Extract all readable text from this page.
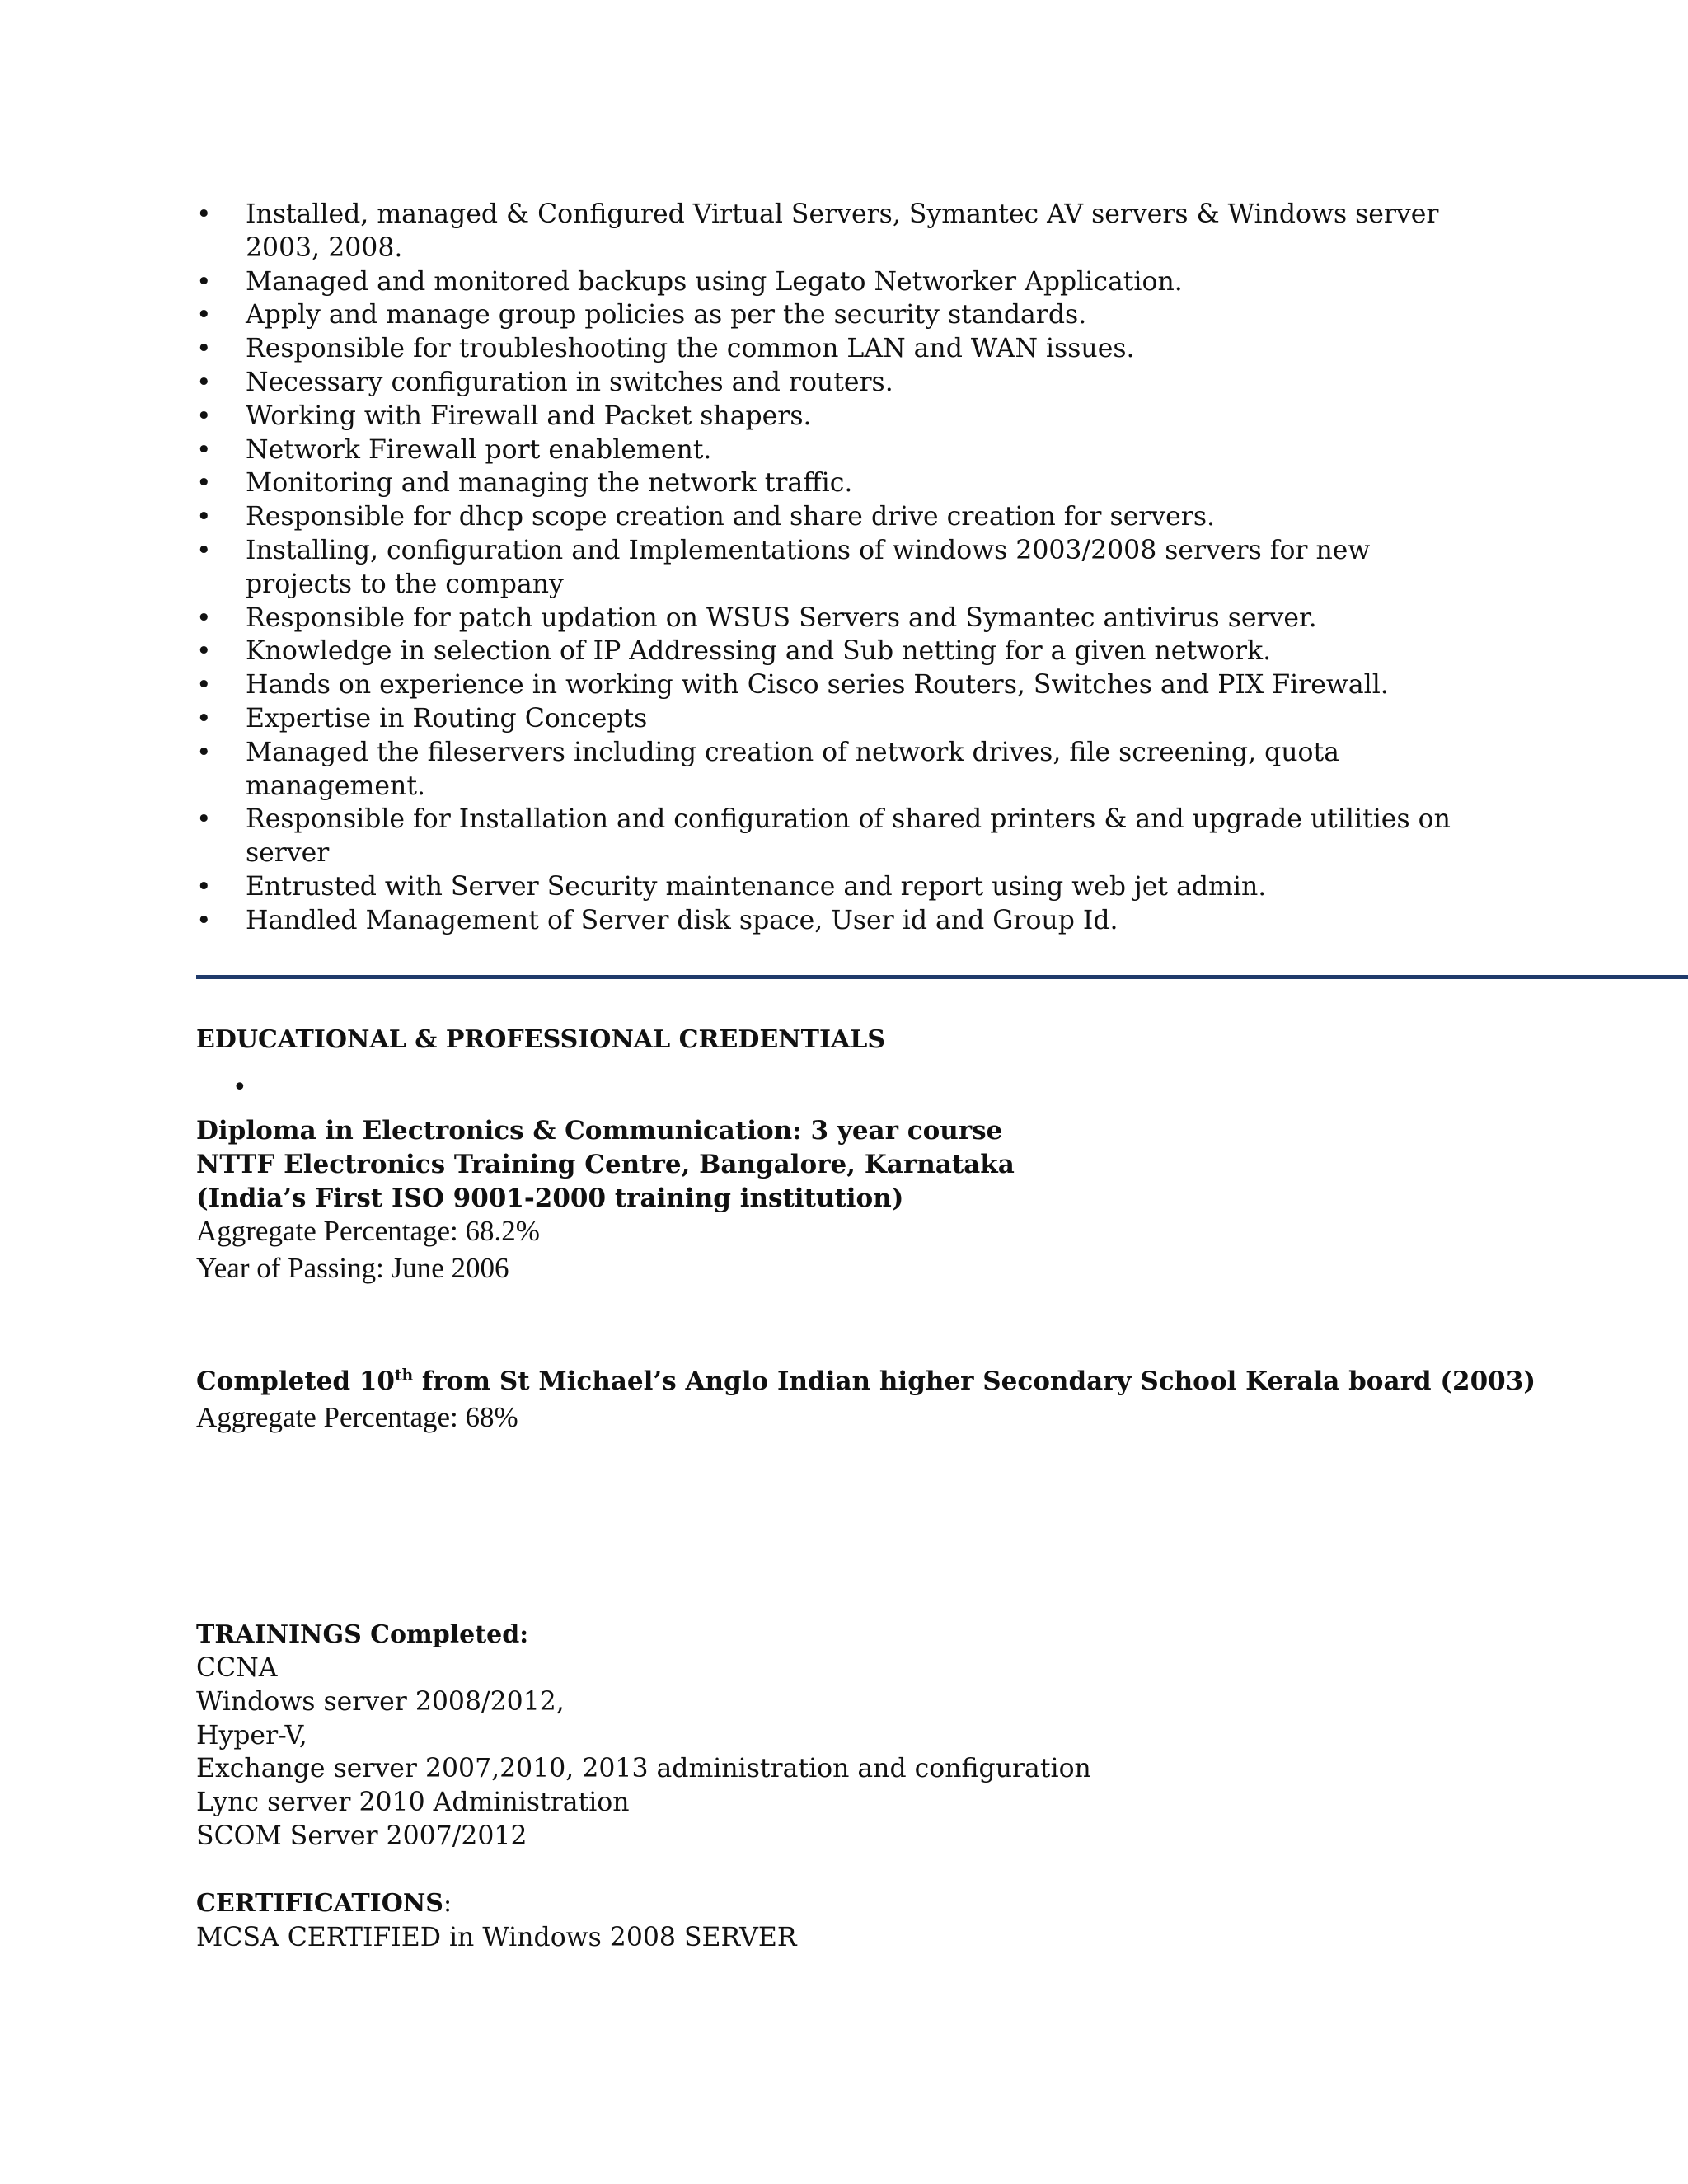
• Installed, managed & Configured Virtual Servers, Symantec AV servers & Windows server 2003, 2008.
• Managed and monitored backups using Legato Networker Application.
• Apply and manage group policies as per the security standards.
• Responsible for troubleshooting the common LAN and WAN issues.
• Necessary configuration in switches and routers.
• Working with Firewall and Packet shapers.
• Network Firewall port enablement.
• Monitoring and managing the network traffic.
• Responsible for dhcp scope creation and share drive creation for servers.
• Installing, configuration and Implementations of windows 2003/2008 servers for new projects to the company
• Responsible for patch updation on WSUS Servers and Symantec antivirus server.
• Knowledge in selection of IP Addressing and Sub netting for a given network.
• Hands on experience in working with Cisco series Routers, Switches and PIX Firewall.
• Expertise in Routing Concepts
• Managed the fileservers including creation of network drives, file screening, quota management.
• Responsible for Installation and configuration of shared printers & and upgrade utilities on server
• Entrusted with Server Security maintenance and report using web jet admin.
• Handled Management of Server disk space, User id and Group Id.
EDUCATIONAL & PROFESSIONAL CREDENTIALS
•
Diploma in Electronics & Communication: 3 year course
NTTF Electronics Training Centre, Bangalore, Karnataka
(India’s First ISO 9001-2000 training institution)
Aggregate Percentage: 68.2%
Year of Passing: June 2006
Completed 10th from St Michael’s Anglo Indian higher Secondary School Kerala board (2003)
Aggregate Percentage: 68%
TRAININGS Completed:
CCNA
Windows server 2008/2012,
Hyper-V,
Exchange server 2007,2010, 2013 administration and configuration
Lync server 2010 Administration
SCOM Server 2007/2012
CERTIFICATIONS:
MCSA CERTIFIED in Windows 2008 SERVER
